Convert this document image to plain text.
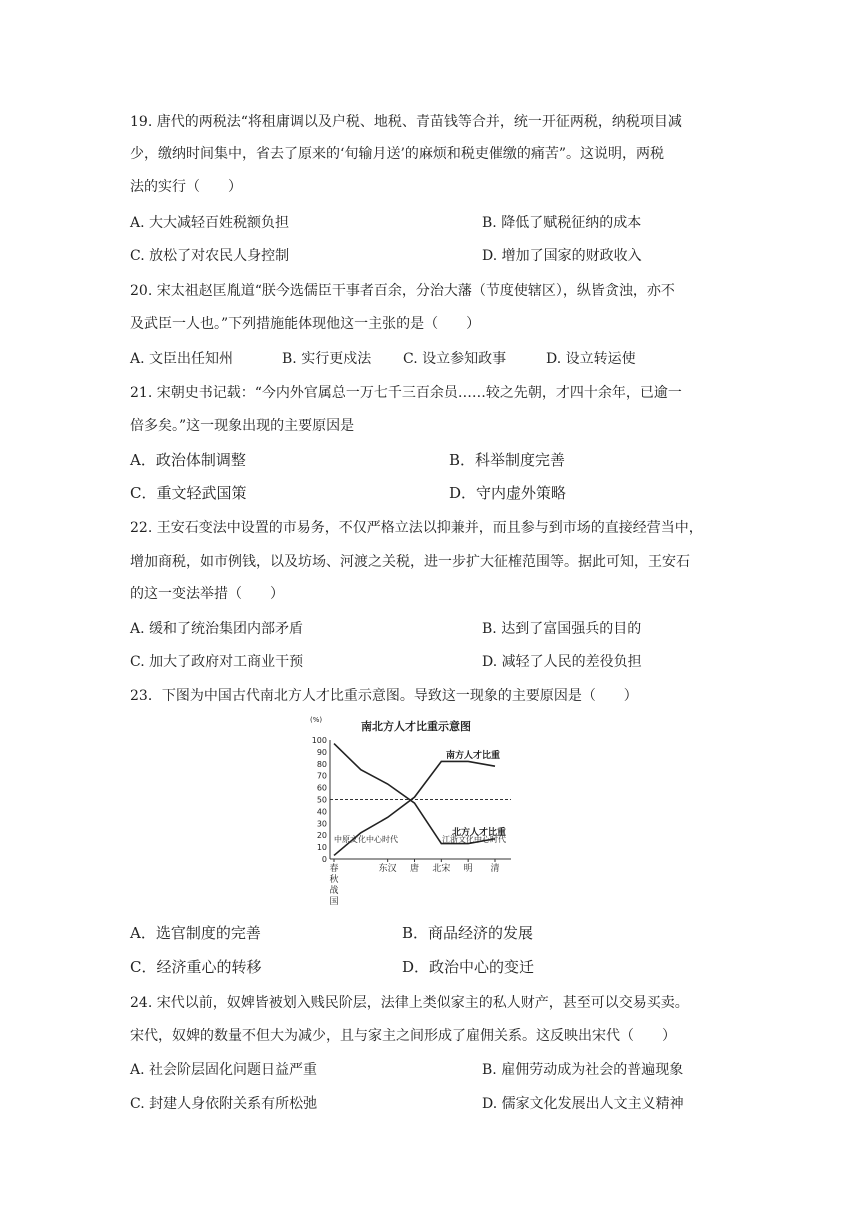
19. 唐代的两税法“将租庸调以及户税、地税、青苗钱等合并，统一开征两税，纳税项目减
少，缴纳时间集中，省去了原来的‘旬输月送’的麻烦和税吏催缴的痛苦”。这说明，两税
法的实行（　　）
A. 大大减轻百姓税额负担	B. 降低了赋税征纳的成本
C. 放松了对农民人身控制	D. 增加了国家的财政收入
20. 宋太祖赵匡胤道“朕今选儒臣干事者百余，分治大藩（节度使辖区），纵皆贪浊，亦不
及武臣一人也。”下列措施能体现他这一主张的是（　　）
A. 文臣出任知州	B. 实行更戍法 C. 设立参知政事	D. 设立转运使
21. 宋朝史书记载：“今内外官属总一万七千三百余员……较之先朝，才四十余年，已逾一
倍多矣。”这一现象出现的主要原因是
A．政治体制调整	B．科举制度完善
C．重文轻武国策	D．守内虚外策略
22. 王安石变法中设置的市易务，不仅严格立法以抑兼并，而且参与到市场的直接经营当中，
增加商税，如市例钱，以及坊场、河渡之关税，进一步扩大征榷范围等。据此可知，王安石
的这一变法举措（　　）
A. 缓和了统治集团内部矛盾	B. 达到了富国强兵的目的
C. 加大了政府对工商业干预	D. 减轻了人民的差役负担
23．下图为中国古代南北方人才比重示意图。导致这一现象的主要原因是（　　）
(%)	南北方人才比重示意图
0
10
20
30
40
50
60
70
80
90
100
春
秋
战
国
东汉 唐 北宋 明 清
中原文化中心时代	江浙文化中心时代
南方人才比重
北方人才比重
A．选官制度的完善	B．商品经济的发展
C．经济重心的转移	D．政治中心的变迁
24. 宋代以前，奴婢皆被划入贱民阶层，法律上类似家主的私人财产，甚至可以交易买卖。
宋代，奴婢的数量不但大为减少，且与家主之间形成了雇佣关系。这反映出宋代（　　）
A. 社会阶层固化问题日益严重	B. 雇佣劳动成为社会的普遍现象
C. 封建人身依附关系有所松弛	D. 儒家文化发展出人文主义精神
